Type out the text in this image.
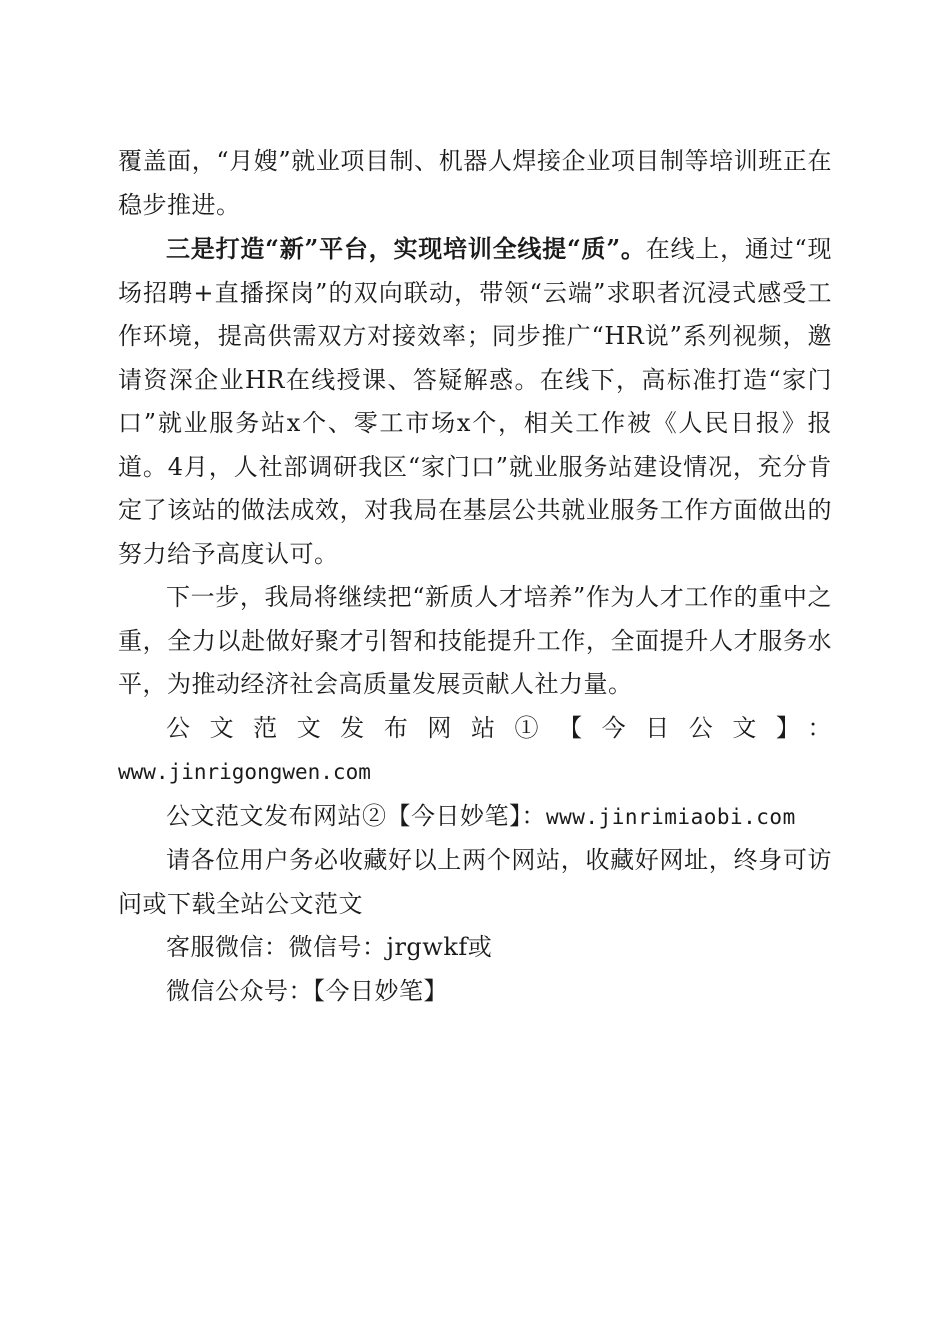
覆盖面，“月嫂”就业项目制、机器人焊接企业项目制等培训班正在稳步推进。

三是打造“新”平台，实现培训全线提“质”。在线上，通过“现场招聘+直播探岗”的双向联动，带领“云端”求职者沉浸式感受工作环境，提高供需双方对接效率；同步推广“HR说”系列视频，邀请资深企业HR在线授课、答疑解惑。在线下，高标准打造“家门口”就业服务站x个、零工市场x个，相关工作被《人民日报》报道。4月，人社部调研我区“家门口”就业服务站建设情况，充分肯定了该站的做法成效，对我局在基层公共就业服务工作方面做出的努力给予高度认可。

下一步，我局将继续把“新质人才培养”作为人才工作的重中之重，全力以赴做好聚才引智和技能提升工作，全面提升人才服务水平，为推动经济社会高质量发展贡献人社力量。

公文范文发布网站①【今日公文】：

www.jinrigongwen.com

公文范文发布网站②【今日妙笔】：www.jinrimiaobi.com

请各位用户务必收藏好以上两个网站，收藏好网址，终身可访问或下载全站公文范文

客服微信：微信号：jrgwkf或

微信公众号：【今日妙笔】
